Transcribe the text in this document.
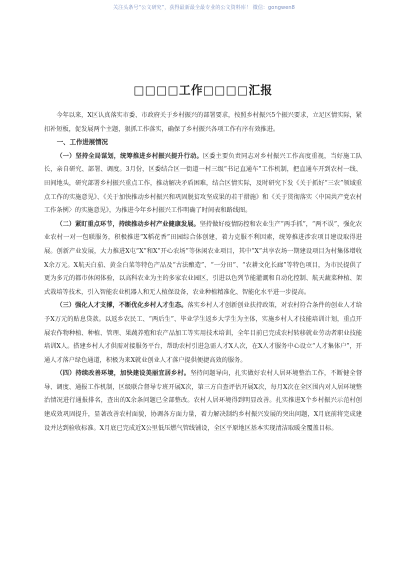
关注头条号“公文研究”，获得最新最全最专业的公文资料库！ 微信：gongwen8
□□□□工作□□□□汇报

今年以来，X区认真落实市委、市政府关于乡村振兴的部署要求，按照乡村振兴5个振兴要求，立足区情实际，紧扣补短板，促发展两个主题，狠抓工作落实，确保了乡村振兴各项工作有序有效推进。

一、工作进展情况

（一）坚持全局谋划，统筹推进乡村振兴提升行动。区委主要负责同志对乡村振兴工作高度重视，当好施工队长，亲自研究、部署、调度。3月份，区委结合区一街道一村三级“书记直通车”工作机制，把直通车开到农村一线、田间地头，研究部署乡村振兴重点工作，推动解决矛盾困难，结合区情实际，及时研究下发《关于抓好“三农”领域重点工作的实施意见》、《关于加快推动乡村振兴和巩固脱贫攻坚成果的若干措施》和《关于贯彻落实〈中国共产党农村工作条例〉的实施意见》，为推进今年乡村振兴工作明确了时间表和路线图。

（二）紧盯重点环节，持续推动乡村产业健康发展。坚持做好疫情防控和农业生产“两手抓”，“两不误”，强化农业农村一对一包联服务，积极推进“X稻花香”田园综合体创建，着力克服不利因素，统筹推进涉农项目建设取得进展。创新产业发展，大力推进X屯“X”和X“开心农场”等休闲农业项目，其中“X”共享农场一期建设项目为村集体增收X余万元。X航天白茄、黄金白菜等特色产品及“古法酿造”、“一分田”、“农耕文化长廊”等特色项目，为市民提供了更为多元的都市休闲体验，以高科农业为主的多家农业园区，引进以色列节能灌溉和自动化控制、航天蔬菜种植、架式栽培等技术，引入智能农业机器人和无人植保设备，农业种植精准化、智能化水平进一步提高。

（三）强化人才支撑，不断优化乡村人才生态。落实乡村人才创新创业扶持政策，对农村符合条件的创业人才给予X万元的贴息贷款。以返乡农民工、“两后生”、毕业学生返乡大学生为主体，实施乡村人才技能培训计划，重点开展农作物种植、种植、管理、果蔬养殖和农产品加工等实用技术培训，全年目前已完成农村转移就业劳动者职业技能培训X人。搭建乡村人才供需对接服务平台，帮助农村引进急需人才X人次，在X人才服务中心设立“人才集体户”，开通人才落户绿色通道，积极为来X就业创业人才落户提供便捷高效的服务。

（四）持续改善环境，加快建设美丽宜居乡村。坚持问题导向，扎实做好农村人居环境整治工作，不断健全督导、调度、通报工作机制，区级联合督导专班开展X次，第三方自查评估开展X次，每月X次在全区围内对人居环境整治情况进行通报排名，查出的X余条问题已全部整改。农村人居环境得到明显改善。扎实推进X个乡村振兴示范村创建成效巩固提升，显著改善农村面貌，协调各方面力量，着力解决制约乡村振兴发展的突出问题，X月底前将完成建设并达到验收标准。X月底已完成近X公里低压燃气管线铺设，全区平原地区基本实现清洁取暖全覆盖目标。
